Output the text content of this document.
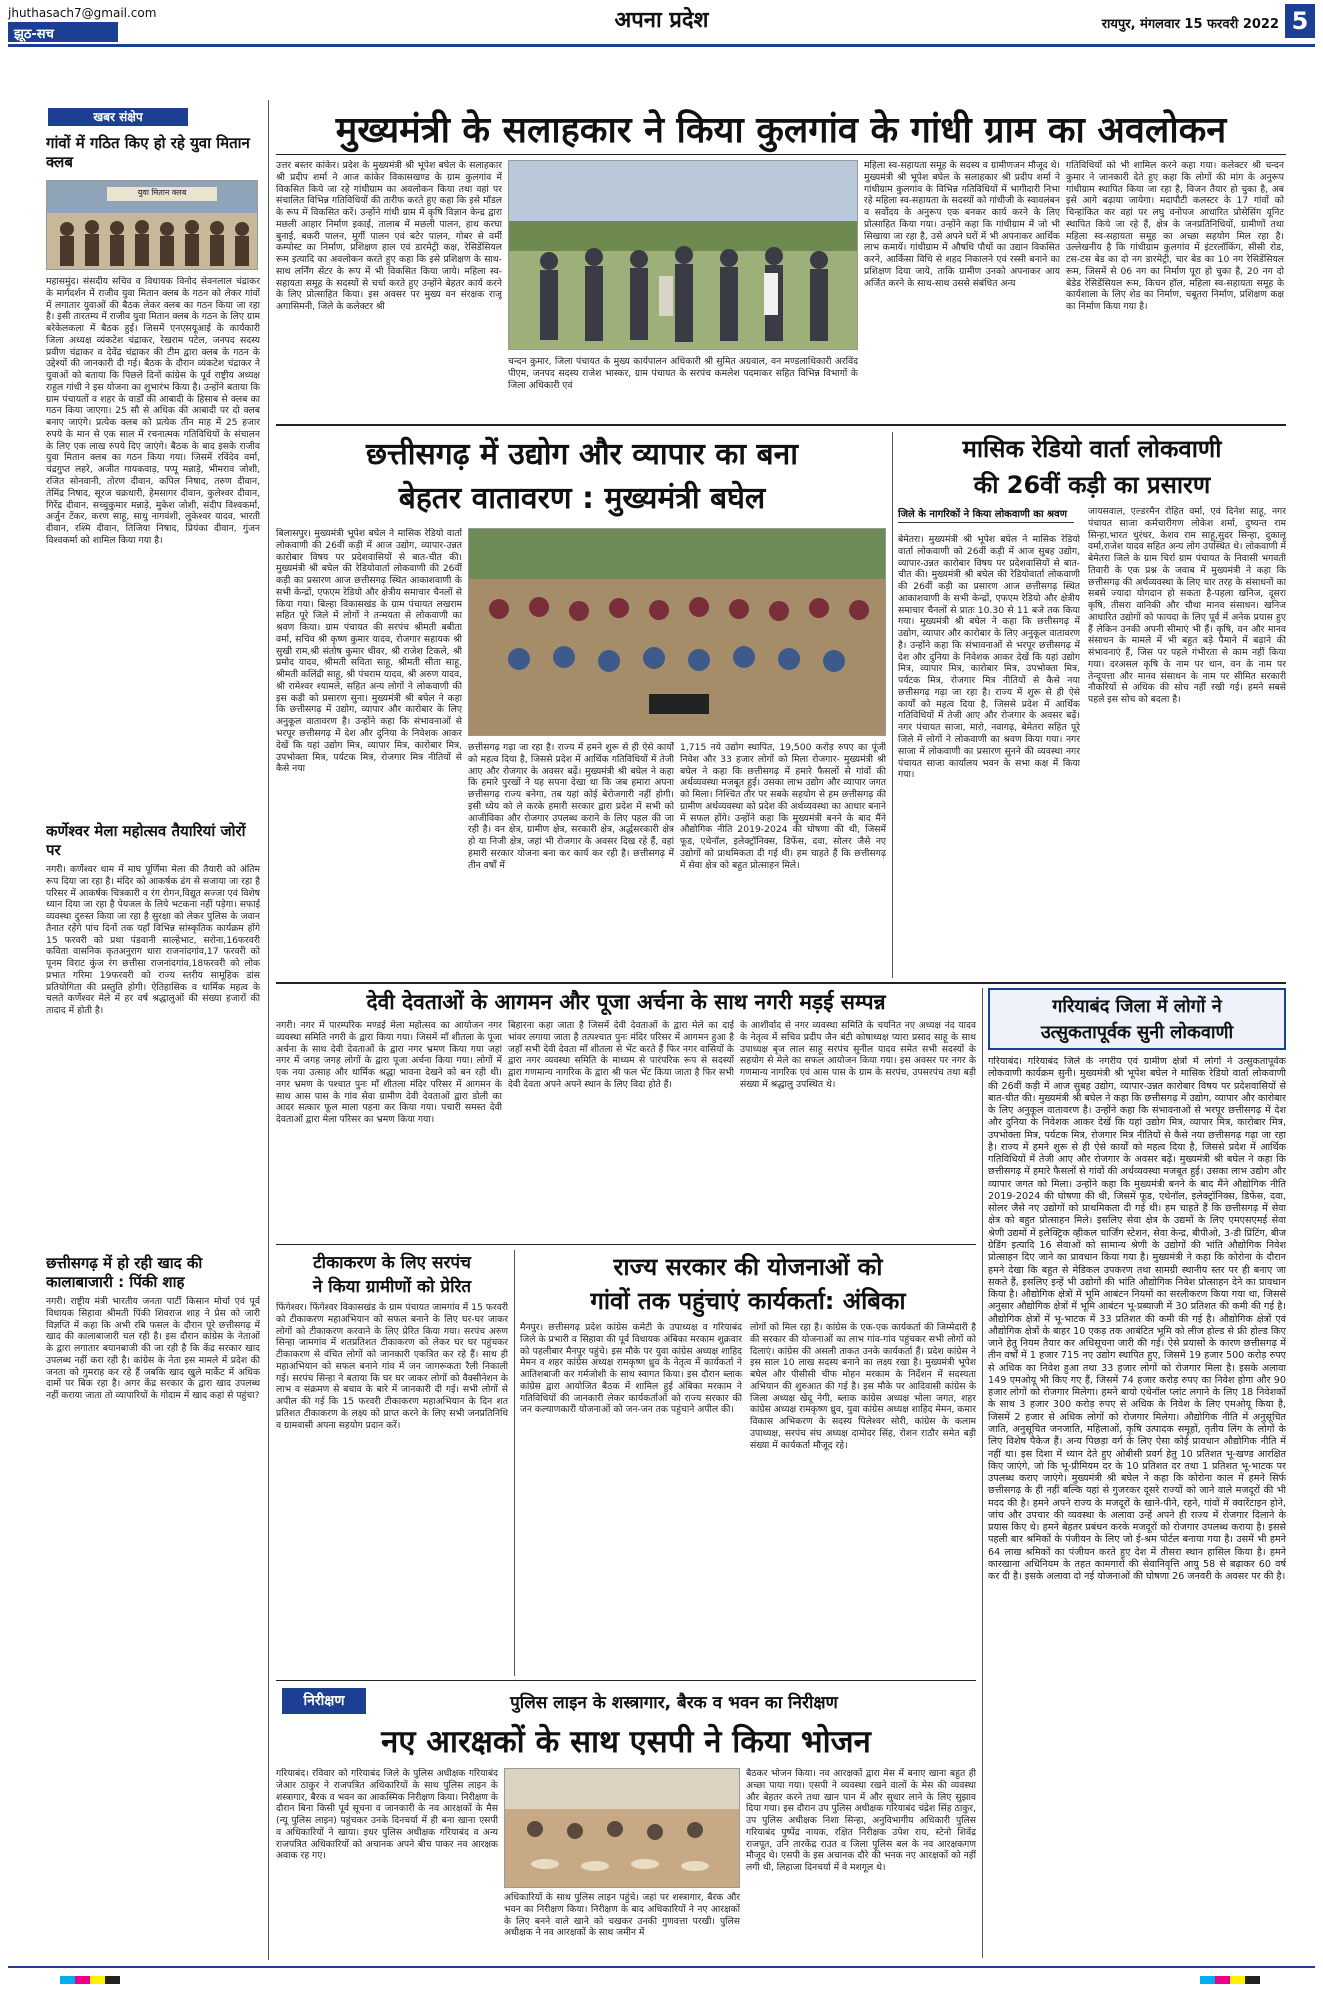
jhuthasach7@gmail.com
झूठ-सच
अपना प्रदेश	रायपुर, मंगलवार 15 फरवरी 2022 5
खबर संक्षेप
गांवों में गठित किए हो रहे युवा मितान क्लब
युवा मितान क्लब
महासमुंद। संसदीय सचिव व विधायक विनोद सेवनलाल चंद्राकर के मार्गदर्शन में राजीव युवा मितान क्लब के गठन को लेकर गांवों में लगातार युवाओं की बैठक लेकर क्लब का गठन किया जा रहा है। इसी तारतम्य में राजीव युवा मितान क्लब के गठन के लिए ग्राम बरेकेलकला में बैठक हुई। जिसमें एनएसयूआई के कार्यकारी जिला अध्यक्ष व्यंकटेश चंद्राकर, रेखराम पटेल, जनपद सदस्य प्रवीण चंद्राकर व देवेंद्र चंद्राकर की टीम द्वारा क्लब के गठन के उद्देश्यों की जानकारी दी गई। बैठक के दौरान व्यंकटेश चंद्राकर ने युवाओं को बताया कि पिछले दिनों कांग्रेस के पूर्व राष्ट्रीय अध्यक्ष राहुल गांधी ने इस योजना का शुभारंभ किया है। उन्होंने बताया कि ग्राम पंचायतों व शहर के वार्डों की आबादी के हिसाब से क्लब का गठन किया जाएगा। 25 सौ से अधिक की आबादी पर दो क्लब बनाए जाएंगे। प्रत्येक क्लब को प्रत्येक तीन माह में 25 हजार रुपये के मान से एक साल में रचनात्मक गतिविधियों के संचालन के लिए एक लाख रुपये दिए जाएंगे। बैठक के बाद इसके राजीव युवा मितान क्लब का गठन किया गया। जिसमें रविंदेव वर्मा, चंद्रगुप्त लहरे, अजीत गायकवाड़, पप्पू मन्नाड़े, भीमराव जोशी, रजित सोनवानी, तोरण दीवान, कपिल निषाद, तरुण दीवान, तेमिंद्र निषाद, सूरज चक्रधारी, हेमसागर दीवान, कुलेश्वर दीवान, गिरेंद्र दीवान, सच्चुकुमार मन्नाड़े, मुकेश जोशी, संदीप विश्वकर्मा, अर्जुन टेंकर, करण साहू, साधु नागवंशी, लुकेश्वर यादव, भारती दीवान, रश्मि दीवान, तिजिया निषाद, प्रियंका दीवान, गुंजन विश्वकर्मा को शामिल किया गया है।
कर्णेश्वर मेला महोत्सव तैयारियां जोरों पर
नगरी। कर्णेश्वर धाम में माघ पूर्णिमा मेला की तैयारी को अंतिम रूप दिया जा रहा है। मंदिर को आकर्षक ढंग से सजाया जा रहा है परिसर में आकर्षक चित्रकारी व रंग रोगन,विद्युत सज्जा एवं विशेष ध्यान दिया जा रहा है पेयजल के लिये भटकना नहीं पड़ेगा। सफाई व्यवस्था दुरुस्त किया जा रहा है सुरक्षा को लेकर पुलिस के जवान तैनात रहेंगे पांच दिनों तक यहाँ विभिन्न सांस्कृतिक कार्यक्रम होंगे 15 फरवरी को प्रथा पंडवानी साल्हेभाट, सरोना,16फरवरी कविता वासनिक कृतअनुराग धारा राजनांदगांव,17 फरवरी को पूनम विराट कुंज रंग छत्तीसा राजनांदगांव,18फरवरी को लोक प्रभात गरिमा 19फरवरी को राज्य स्तरीय सामूहिक डांस प्रतियोगिता की प्रस्तुति होगी। ऐतिहासिक व धार्मिक महत्व के चलते कर्णेश्वर मेले में हर वर्ष श्रद्धालुओं की संख्या हजारों की तादाद में होती है।
छत्तीसगढ़ में हो रही खाद की कालाबाजारी : पिंकी शाह
नगरी। राष्ट्रीय मंत्री भारतीय जनता पार्टी किसान मोर्चा एवं पूर्व विधायक सिहावा श्रीमती पिंकी शिवराज शाह ने प्रेस को जारी विज्ञप्ति में कहा कि अभी रबि फसल के दौरान पूरे छत्तीसगढ़ में खाद की कालाबाजारी चल रही है। इस दौरान कांग्रेस के नेताओं के द्वारा लगातार बयानबाजी की जा रही है कि केंद्र सरकार खाद उपलब्ध नहीं करा रही है। कांग्रेस के नेता इस मामले में प्रदेश की जनता को गुमराह कर रहे हैं जबकि खाद खुले मार्केट में अधिक दामों पर बिक रहा है। अगर केंद्र सरकार के द्वारा खाद उपलब्ध नहीं कराया जाता तो व्यापारियों के गोदाम में खाद कहां से पहुंचा?
मुख्यमंत्री के सलाहकार ने किया कुलगांव के गांधी ग्राम का अवलोकन
उत्तर बस्तर कांकेर। प्रदेश के मुख्यमंत्री श्री भूपेश बघेल के सलाहकार श्री प्रदीप शर्मा ने आज कांकेर विकासखण्ड के ग्राम कुलगांव में विकसित किये जा रहे गांधीग्राम का अवलोकन किया तथा वहां पर संचालित विभिन्न गतिविधियों की तारीफ करते हुए कहा कि इसे मॉडल के रूप में विकसित करें। उन्होंने गांधी ग्राम में कृषि विज्ञान केन्द्र द्वारा मछली आहार निर्माण इकाई, तालाब में मछली पालन, हाथ करघा बुनाई, बकरी पालन, मुर्गी पालन एवं बटेर पालन, गोबर से वर्मी कम्पोस्ट का निर्माण, प्रशिक्षण हाल एवं डारमेट्री कक्ष, रेसिडेंसियल रूम इत्यादि का अवलोकन करते हुए कहा कि इसे प्रशिक्षण के साथ-साथ लर्निंग सेंटर के रूप में भी विकसित किया जाये। महिला स्व-सहायता समूह के सदस्यों से चर्चा करते हुए उन्होंने बेहतर कार्य करने के लिए प्रोत्साहित किया। इस अवसर पर मुख्य वन संरक्षक राजू अगासिमनी, जिले के कलेक्टर श्री
चन्दन कुमार, जिला पंचायत के मुख्य कार्यपालन अधिकारी श्री सुमित अग्रवाल, वन मण्डलाधिकारी अरविंद पीएम, जनपद सदस्य राजेश भास्कर, ग्राम पंचायत के सरपंच कमलेश पदमाकर सहित विभिन्न विभागों के जिला अधिकारी एवं
महिला स्व-सहायता समूह के सदस्य व ग्रामीणजन मौजूद थे। मुख्यमंत्री श्री भूपेश बघेल के सलाहकार श्री प्रदीप शर्मा ने गांधीग्राम कुलगांव के विभिन्न गतिविधियों में भागीदारी निभा रहे महिला स्व-सहायता के सदस्यों को गांधीजी के स्वावलंबन व सर्वोदय के अनुरूप एक बनकर कार्य करने के लिए प्रोत्साहित किया गया। उन्होंने कहा कि गांधीग्राम में जो भी सिखाया जा रहा है, उसे अपने घरों में भी अपनाकर आर्थिक लाभ कमायें। गांधीग्राम में औषधि पौधों का उद्यान विकसित करने, आर्किसा विधि से शहद निकालने एवं रस्सी बनाने का प्रशिक्षण दिया जाये, ताकि ग्रामीण उनको अपनाकर आय अर्जित करने के साथ-साथ उससे संबंधित अन्य
गतिविधियों को भी शामिल करने कहा गया। कलेक्टर श्री चन्दन कुमार ने जानकारी देते हुए कहा कि लोगों की मांग के अनुरूप गांधीग्राम स्थापित किया जा रहा है, विजन तैयार हो चुका है, अब इसे आगे बढ़ाया जायेगा। मदापौटी कलस्टर के 17 गांवों को चिन्हांकित कर वहां पर लघु वनोपज आधारित प्रोसेसिंग यूनिट स्थापित किये जा रहे हैं, क्षेत्र के जनप्रतिनिधियों, ग्रामीणों तथा महिला स्व-सहायता समूह का अच्छा सहयोग मिल रहा है। उल्लेखनीय है कि गांधीग्राम कुलगांव में इंटरलॉकिंग, सीसी रोड, टस-टस बेड का दो नग डारमेट्री, चार बेड का 10 नग रेसिडेंसियल रूम, जिसमें से 06 नग का निर्माण पूरा हो चुका है, 20 नग दो बेडेड रेसिडेंसियल रूम, किचन हॉल, महिला स्व-सहायता समूह के कार्यशाला के लिए शेड का निर्माण, चबूतरा निर्माण, प्रशिक्षण कक्ष का निर्माण किया गया है।
छत्तीसगढ़ में उद्योग और व्यापार का बना
बेहतर वातावरण : मुख्यमंत्री बघेल
बिलासपुर। मुख्यमंत्री भूपेश बघेल ने मासिक रेडियो वार्ता लोकवाणी की 26वीं कड़ी में आज उद्योग, व्यापार-उन्नत कारोबार विषय पर प्रदेशवासियों से बात-चीत की। मुख्यमंत्री श्री बघेल की रेडियोवार्ता लोकवाणी की 26वीं कड़ी का प्रसारण आज छत्तीसगढ़ स्थित आकाशवाणी के सभी केन्द्रों, एफएम रेडियो और क्षेत्रीय समाचार चैनलों से किया गया। बिल्हा विकासखंड के ग्राम पंचायत लखराम सहित पूरे जिले में लोगों ने तन्मयता से लोकवाणी का श्रवण किया। ग्राम पंचायत की सरपंच श्रीमती बबीता वर्मा, सचिव श्री कृष्ण कुमार यादव, रोजगार सहायक श्री सुखी राम,श्री संतोष कुमार धीवर, श्री राजेश टिकले, श्री प्रमोद यादव, श्रीमती सविता साहू, श्रीमती सीता साहू, श्रीमती कलिंद्री साहू, श्री पंचराम यादव, श्री अरुण यादव, श्री रामेश्वर श्यामले, सहित अन्य लोगों ने लोकवाणी की इस कड़ी को प्रसारण सुना। मुख्यमंत्री श्री बघेल ने कहा कि छत्तीसगढ़ में उद्योग, व्यापार और कारोबार के लिए अनुकूल वातावरण है। उन्होंने कहा कि संभावनाओं से भरपूर छत्तीसगढ़ में देश और दुनिया के निवेशक आकर देखें कि यहां उद्योग मित्र, व्यापार मित्र, कारोबार मित्र, उपभोक्ता मित्र, पर्यटक मित्र, रोजगार मित्र नीतियों से कैसे नया
छत्तीसगढ़ गढ़ा जा रहा है। राज्य में हमने शुरू से ही ऐसे कार्यों को महत्व दिया है, जिससे प्रदेश में आर्थिक गतिविधियों में तेजी आए और रोजगार के अवसर बढ़ें। मुख्यमंत्री श्री बघेल ने कहा कि हमारे पुरखों ने यह सपना देखा था कि जब हमारा अपना छत्तीसगढ़ राज्य बनेगा, तब यहां कोई बेरोजगारी नहीं होगी। इसी ध्येय को ले करके हमारी सरकार द्वारा प्रदेश में सभी को आजीविका और रोजगार उपलब्ध कराने के लिए पहल की जा रही है। वन क्षेत्र, ग्रामीण क्षेत्र, सरकारी क्षेत्र, अर्द्धसरकारी क्षेत्र हो या निजी क्षेत्र, जहां भी रोजगार के अवसर दिख रहे हैं, वहां हमारी सरकार योजना बना कर कार्य कर रही है। छत्तीसगढ़ में तीन वर्षों में
1,715 नये उद्योग स्थापित, 19,500 करोड़ रुपए का पूंजी निवेश और 33 हजार लोगों को मिला रोजगार- मुख्यमंत्री श्री बघेल ने कहा कि छत्तीसगढ़ में हमारे फैसलों से गांवों की अर्थव्यवस्था मजबूत हुई। उसका लाभ उद्योग और व्यापार जगत को मिला। निश्चित तौर पर सबके सहयोग से हम छत्तीसगढ़ की ग्रामीण अर्थव्यवस्था को प्रदेश की अर्थव्यवस्था का आधार बनाने में सफल होंगे। उन्होंने कहा कि मुख्यमंत्री बनने के बाद मैंने औद्योगिक नीति 2019-2024 की घोषणा की थी, जिसमें फूड, एथेनॉल, इलेक्ट्रॉनिक्स, डिफेंस, दवा, सोलर जैसे नए उद्योगों को प्राथमिकता दी गई थी। हम चाहते हैं कि छत्तीसगढ़ में सेवा क्षेत्र को बहुत प्रोत्साहन मिले।
मासिक रेडियो वार्ता लोकवाणी
की 26वीं कड़ी का प्रसारण
जिले के नागरिकों ने किया लोकवाणी का श्रवण
बेमेतरा। मुख्यमंत्री श्री भूपेश बघेल ने मासिक रेडियो वार्ता लोकवाणी को 26वीं कड़ी में आज सुबह उद्योग, व्यापार-उन्नत कारोबार विषय पर प्रदेशवासियों से बात-चीत की। मुख्यमंत्री श्री बघेल की रेडियोवार्ता लोकवाणी की 26वीं कड़ी का प्रसारण आज छत्तीसगढ़ स्थित आकाशवाणी के सभी केन्द्रों, एफएम रेडियो और क्षेत्रीय समाचार चैनलों से प्रातः 10.30 से 11 बजे तक किया गया। मुख्यमंत्री श्री बघेल ने कहा कि छत्तीसगढ़ में उद्योग, व्यापार और कारोबार के लिए अनुकूल वातावरण है। उन्होंने कहा कि संभावनाओं से भरपूर छत्तीसगढ़ में देश और दुनिया के निवेशक आकर देखें कि यहां उद्योग मित्र, व्यापार मित्र, कारोबार मित्र, उपभोक्ता मित्र, पर्यटक मित्र, रोजगार मित्र नीतियों से कैसे नया छत्तीसगढ़ गढ़ा जा रहा है। राज्य में शुरू से ही ऐसे कार्यों को महत्व दिया है, जिससे प्रदेश में आर्थिक गतिविधियों में तेजी आए और रोजगार के अवसर बढ़ें। नगर पंचायत साजा, मारो, नवागढ़, बेमेतरा सहित पूरे जिले में लोगों ने लोकवाणी का श्रवण किया गया। नगर साजा में लोकवाणी का प्रसारण सुनने की व्यवस्था नगर पंचायत साजा कार्यालय भवन के सभा कक्ष में किया गया।
जायसवाल, एल्डरमैन रोहित वर्मा, एवं दिनेश साहू, नगर पंचायत साजा कर्मचारीगण लोकेश शर्मा, दुष्यन्त राम सिन्हा,भारत धुरंधर, केशव राम साहू,सुदर सिन्हा, दुकालू वर्मा,राजेश यादव सहित अन्य लोग उपस्थित थे। लोकवाणी में बेमेतरा जिले के ग्राम चिर्रा ग्राम पंचायत के निवासी भगवती तिवारी के एक प्रश्न के जवाब में मुख्यमंत्री ने कहा कि छत्तीसगढ़ की अर्थव्यवस्था के लिए चार तरह के संसाधनों का सबसे ज्यादा योगदान हो सकता है-पहला खनिज, दूसरा कृषि, तीसरा वानिकी और चौथा मानव संसाधन। खनिज आधारित उद्योगों को फायदा के लिए पूर्व में अनेक प्रयास हुए हैं लेकिन उनकी अपनी सीमाएं भी हैं। कृषि, वन और मानव संसाधन के मामले में भी बहुत बड़े पैमाने में बढ़ाने की संभावनाएं हैं, जिस पर पहले गंभीरता से काम नहीं किया गया। दरअसल कृषि के नाम पर धान, वन के नाम पर तेन्दूपत्ता और मानव संसाधन के नाम पर सीमित सरकारी नौकरियों से अधिक की सोच नहीं रखी गई। हमने सबसे पहले इस सोच को बदला है।
देवी देवताओं के आगमन और पूजा अर्चना के साथ नगरी मड़ई सम्पन्न
नगरी। नगर में पारम्परिक मण्डई मेला महोत्सव का आयोजन नगर व्यवस्था समिति नगरी के द्वारा किया गया। जिसमें माँ शीतला के पूजा अर्चना के साथ देवी देवताओं के द्वारा नगर भ्रमण किया गया जहां नगर में जगह जगह लोगों के द्वारा पूजा अर्चना किया गया। लोगों में एक नया उत्साह और धार्मिक श्रद्धा भावना देखने को बन रही थी। नगर भ्रमण के पश्चात पुनः माँ शीतला मंदिर परिसर में आगमन के साथ आस पास के गांव सेवा ग्रामीण देवी देवताओं द्वारा डोली का आदर सत्कार फूल माला पहना कर किया गया। पचारी समस्त देवी देवताओं द्वारा मेला परिसर का भ्रमण किया गया।
बिहारना कहा जाता है जिसमें देवी देवताओं के द्वारा मेले का दाई भांवर लगाया जाता है तत्पश्चात पुनः मंदिर परिसर में आगमन हुआ है जहाँ सभी देवी देवता माँ शीतला से भेंट करते हैं फिर नगर वासियों के द्वारा नगर व्यवस्था समिति के माध्यम से पारंपरिक रूप से सदस्यों द्वारा गणमान्य नागरिक के द्वारा श्री फल भेंट किया जाता है फिर सभी देवी देवता अपने अपने स्थान के लिए विदा होते हैं।
के आशीर्वाद से नगर व्यवस्था समिति के चयनित नए अध्यक्ष नंद यादव के नेतृत्व में सचिव प्रदीप जैन बंटी कोषाध्यक्ष प्यारा प्रसाद साहू के साथ उपाध्यक्ष बृज लाल साहू सरपंच सुनील यादव समेत सभी सदस्यों के सहयोग से मेले का सफल आयोजन किया गया। इस अवसर पर नगर के गणमान्य नागरिक एवं आस पास के ग्राम के सरपंच, उपसरपंच तथा बड़ी संख्या में श्रद्धालु उपस्थित थे।
टीकाकरण के लिए सरपंच
ने किया ग्रामीणों को प्रेरित
फिंगेश्वर। फिंगेश्वर विकासखंड के ग्राम पंचायत जामगांव में 15 फरवरी को टीकाकरण महाअभियान को सफल बनाने के लिए घर-घर जाकर लोगों को टीकाकरण करवाने के लिए प्रेरित किया गया। सरपंच अरुण सिन्हा जामगांव में शतप्रतिशत टीकाकरण को लेकर घर घर पहुंचकर टीकाकरण से वंचित लोगों को जानकारी एकत्रित कर रहे हैं। साथ ही महाअभियान को सफल बनाने गांव में जन जागरूकता रैली निकाली गई। सरपंच सिन्हा ने बताया कि घर घर जाकर लोगों को वैक्सीनेशन के लाभ व संक्रमण से बचाव के बारे में जानकारी दी गई। सभी लोगों से अपील की गई कि 15 फरवरी टीकाकरण महाअभियान के दिन शत प्रतिशत टीकाकरण के लक्ष्य को प्राप्त करने के लिए सभी जनप्रतिनिधि व ग्रामवासी अपना सहयोग प्रदान करें।
राज्य सरकार की योजनाओं को
गांवों तक पहुंचाएं कार्यकर्ता: अंबिका
मैनपुर। छत्तीसगढ़ प्रदेश कांग्रेस कमेटी के उपाध्यक्ष व गरियाबंद जिले के प्रभारी व सिहावा की पूर्व विधायक अंबिका मरकाम शुक्रवार को पहलीबार मैनपुर पहुंचे। इस मौके पर युवा कांग्रेस अध्यक्ष शाहिद मेमन व शहर कांग्रेस अध्यक्ष रामकृष्ण ध्रुव के नेतृत्व में कार्यकर्ता ने आतिशबाजी कर गर्मजोशी के साथ स्वागत किया। इस दौरान ब्लाक कांग्रेस द्वारा आयोजित बैठक में शामिल हुई अंबिका मरकाम ने गतिविधियों की जानकारी लेकर कार्यकर्ताओं को राज्य सरकार की जन कल्याणकारी योजनाओं को जन-जन तक पहुंचाने अपील की।
लोगों को मिल रहा है। कांग्रेस के एक-एक कार्यकर्ता की जिम्मेदारी है की सरकार की योजनाओं का लाभ गांव-गांव पहुंचकर सभी लोगों को दिलाएं। कांग्रेस की असली ताकत उनके कार्यकर्ता हैं। प्रदेश कांग्रेस ने इस साल 10 लाख सदस्य बनाने का लक्ष्य रखा है। मुख्यमंत्री भूपेश बघेल और पीसीसी चीफ मोहन मरकाम के निर्देशन में सदस्यता अभियान की शुरुआत की गई है। इस मौके पर आदिवासी कांग्रेस के जिला अध्यक्ष खेदू नेगी, ब्लाक कांग्रेस अध्यक्ष भोला जगत, शहर कांग्रेस अध्यक्ष रामकृष्ण ध्रुव, युवा कांग्रेस अध्यक्ष शाहिद मेमन, कमार विकास अभिकरण के सदस्य पिलेश्वर सोरी, कांग्रेस के कलाम उपाध्यक्ष, सरपंच संघ अध्यक्ष दामोदर सिंह, रोशन राठौर समेत बड़ी संख्या में कार्यकर्ता मौजूद रहे।
निरीक्षण	पुलिस लाइन के शस्त्रागार, बैरक व भवन का निरीक्षण
नए आरक्षकों के साथ एसपी ने किया भोजन
गरियाबंद। रविवार को गरियाबंद जिले के पुलिस अधीक्षक गरियाबंद जेआर ठाकुर ने राजपत्रित अधिकारियों के साथ पुलिस लाइन के शस्त्रागार, बैरक व भवन का आकस्मिक निरीक्षण किया। निरीक्षण के दौरान बिना किसी पूर्व सूचना व जानकारी के नव आरक्षकों के मैस (न्यू पुलिस लाइन) पहुंचकर उनके दिनचर्या में ही बना खाना एसपी व अधिकारियों ने खाया। इधर पुलिस अधीक्षक गरियाबंद व अन्य राजपत्रित अधिकारियों को अचानक अपने बीच पाकर नव आरक्षक अवाक रह गए।
अधिकारियों के साथ पुलिस लाइन पहुंचे। जहां पर शस्त्रागार, बैरक और भवन का निरीक्षण किया। निरीक्षण के बाद अधिकारियों ने नए आरक्षकों के लिए बनने वाले खाने को चखकर उनकी गुणवत्ता परखी। पुलिस अधीक्षक ने नव आरक्षकों के साथ जमीन में
बैठकर भोजन किया। नव आरक्षकों द्वारा मेस में बनाए खाना बहुत ही अच्छा पाया गया। एसपी ने व्यवस्था रखने वालों के मेस की व्यवस्था और बेहतर करने तथा खान पान में और सुधार लाने के लिए सुझाव दिया गया। इस दौरान उप पुलिस अधीक्षक गरियाबंद चंद्रेश सिंह ठाकुर, उप पुलिस अधीक्षक निशा सिन्हा, अनुविभागीय अधिकारी पुलिस गरियाबंद पुष्पेंद्र नायक, रक्षित निरीक्षक उपेश राय, स्टेनो शिवेंद्र राजपूत, उनि तारकेंद्र राउत व जिला पुलिस बल के नव आरक्षकगण मौजूद थे। एसपी के इस अचानक दौरे की भनक नए आरक्षकों को नहीं लगी थी, लिहाजा दिनचर्या में वे मशगूल थे।
गरियाबंद जिला में लोगों ने
उत्सुकतापूर्वक सुनी लोकवाणी
गरियाबंद। गरियाबंद जिले के नगरीय एवं ग्रामीण क्षेत्रों में लोगों ने उत्सुकतापूर्वक लोकवाणी कार्यक्रम सुनी। मुख्यमंत्री श्री भूपेश बघेल ने मासिक रेडियो वार्ता लोकवाणी की 26वीं कड़ी में आज सुबह उद्योग, व्यापार-उन्नत कारोबार विषय पर प्रदेशवासियों से बात-चीत की। मुख्यमंत्री श्री बघेल ने कहा कि छत्तीसगढ़ में उद्योग, व्यापार और कारोबार के लिए अनुकूल वातावरण है। उन्होंने कहा कि संभावनाओं से भरपूर छत्तीसगढ़ में देश और दुनिया के निवेशक आकर देखें कि यहां उद्योग मित्र, व्यापार मित्र, कारोबार मित्र, उपभोक्ता मित्र, पर्यटक मित्र, रोजगार मित्र नीतियों से कैसे नया छत्तीसगढ़ गढ़ा जा रहा है। राज्य में हमने शुरू से ही ऐसे कार्यों को महत्व दिया है, जिससे प्रदेश में आर्थिक गतिविधियों में तेजी आए और रोजगार के अवसर बढ़ें। मुख्यमंत्री श्री बघेल ने कहा कि छत्तीसगढ़ में हमारे फैसलों से गांवों की अर्थव्यवस्था मजबूत हुई। उसका लाभ उद्योग और व्यापार जगत को मिला। उन्होंने कहा कि मुख्यमंत्री बनने के बाद मैंने औद्योगिक नीति 2019-2024 की घोषणा की थी, जिसमें फूड, एथेनॉल, इलेक्ट्रॉनिक्स, डिफेंस, दवा, सोलर जैसे नए उद्योगों को प्राथमिकता दी गई थी। हम चाहते हैं कि छत्तीसगढ़ में सेवा क्षेत्र को बहुत प्रोत्साहन मिले। इसलिए सेवा क्षेत्र के उद्यमों के लिए एमएसएमई सेवा श्रेणी उद्यमों में इलेक्ट्रिक व्हीकल चार्जिंग स्टेशन, सेवा केन्द्र, बीपीओ, 3-डी प्रिंटिंग, बीज ग्रेडिंग इत्यादि 16 सेवाओं को सामान्य श्रेणी के उद्योगों की भांति औद्योगिक निवेश प्रोत्साहन दिए जाने का प्रावधान किया गया है। मुख्यमंत्री ने कहा कि कोरोना के दौरान हमने देखा कि बहुत से मेडिकल उपकरण तथा सामग्री स्थानीय स्तर पर ही बनाए जा सकते हैं, इसलिए इन्हें भी उद्योगों की भांति औद्योगिक निवेश प्रोत्साहन देने का प्रावधान किया है। औद्योगिक क्षेत्रों में भूमि आबंटन नियमों का सरलीकरण किया गया था, जिससे अनुसार औद्योगिक क्षेत्रों में भूमि आबंटन भू-प्रब्याजी में 30 प्रतिशत की कमी की गई है। औद्योगिक क्षेत्रों में भू-भाटक में 33 प्रतिशत की कमी की गई है। औद्योगिक क्षेत्रों एवं औद्योगिक क्षेत्रों के बाहर 10 एकड़ तक आबंटित भूमि को लीज होल्ड से फ्री होल्ड किए जाने हेतु नियम तैयार कर अधिसूचना जारी की गई। ऐसे प्रयासों के कारण छत्तीसगढ़ में तीन वर्षों में 1 हजार 715 नए उद्योग स्थापित हुए, जिसमें 19 हजार 500 करोड़ रुपए से अधिक का निवेश हुआ तथा 33 हजार लोगों को रोजगार मिला है। इसके अलावा 149 एमओयू भी किए गए हैं, जिसमें 74 हजार करोड़ रुपए का निवेश होगा और 90 हजार लोगों को रोजगार मिलेगा। हमने बायो एथेनॉल प्लांट लगाने के लिए 18 निवेशकों के साथ 3 हजार 300 करोड़ रुपए से अधिक के निवेश के लिए एमओयू किया है, जिसमें 2 हजार से अधिक लोगों को रोजगार मिलेगा। औद्योगिक नीति में अनुसूचित जाति, अनुसूचित जनजाति, महिलाओं, कृषि उत्पादक समूहों, तृतीय लिंग के लोगों के लिए विशेष पैकेज हैं। अन्य पिछड़ा वर्ग के लिए ऐसा कोई प्रावधान औद्योगिक नीति में नहीं था। इस दिशा में ध्यान देते हुए ओबीसी प्रवर्ग हेतु 10 प्रतिशत भू-खण्ड आरक्षित किए जाएंगे, जो कि भू-प्रीमियम दर के 10 प्रतिशत दर तथा 1 प्रतिशत भू-भाटक पर उपलब्ध कराए जाएंगे। मुख्यमंत्री श्री बघेल ने कहा कि कोरोना काल में हमने सिर्फ छत्तीसगढ़ के ही नहीं बल्कि यहां से गुजरकर दूसरे राज्यों को जाने वाले मजदूरों की भी मदद की है। हमने अपने राज्य के मजदूरों के खाने-पीने, रहने, गांवों में क्वारेंटाइन होने, जांच और उपचार की व्यवस्था के अलावा उन्हें अपने ही राज्य में रोजगार दिलाने के प्रयास किए थे। हमने बेहतर प्रबंधन करके मजदूरों को रोजगार उपलब्ध कराया है। इससे पहली बार श्रमिकों के पंजीयन के लिए जो ई-श्रम पोर्टल बनाया गया है। उसमें भी हमने 64 लाख श्रमिकों का पंजीयन करते हुए देश में तीसरा स्थान हासिल किया है। हमने कारखाना अधिनियम के तहत कामगारों की सेवानिवृत्ति आयु 58 से बढ़ाकर 60 वर्ष कर दी है। इसके अलावा दो नई योजनाओं की घोषणा 26 जनवरी के अवसर पर की है।
